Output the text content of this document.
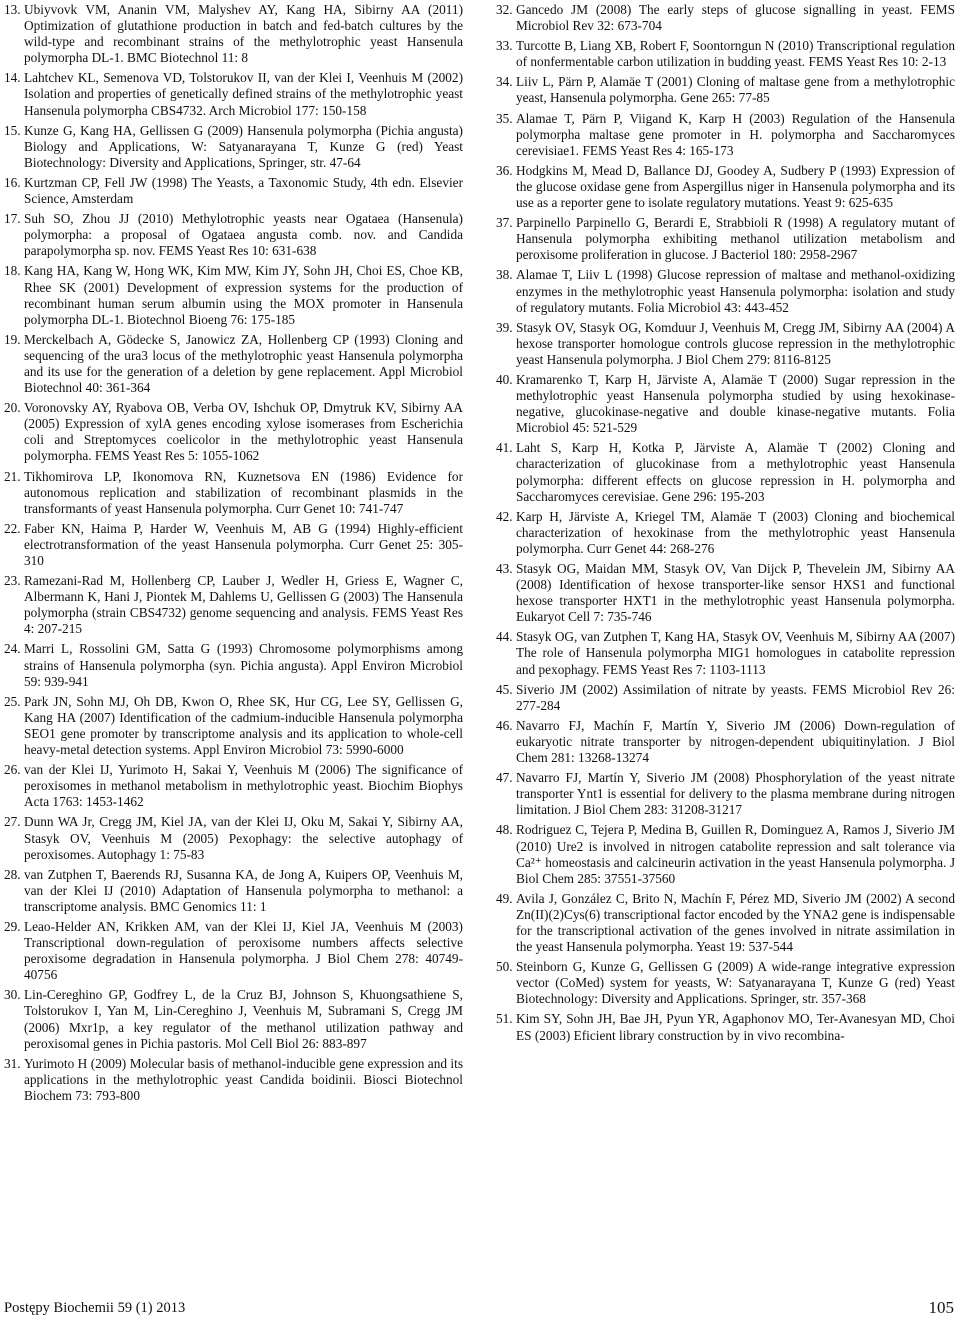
13. Ubiyvovk VM, Ananin VM, Malyshev AY, Kang HA, Sibirny AA (2011) Optimization of glutathione production in batch and fed-batch cultures by the wild-type and recombinant strains of the methylotrophic yeast Hansenula polymorpha DL-1. BMC Biotechnol 11: 8
14. Lahtchev KL, Semenova VD, Tolstorukov II, van der Klei I, Veenhuis M (2002) Isolation and properties of genetically defined strains of the methylotrophic yeast Hansenula polymorpha CBS4732. Arch Microbiol 177: 150-158
15. Kunze G, Kang HA, Gellissen G (2009) Hansenula polymorpha (Pichia angusta) Biology and Applications, W: Satyanarayana T, Kunze G (red) Yeast Biotechnology: Diversity and Applications, Springer, str. 47-64
16. Kurtzman CP, Fell JW (1998) The Yeasts, a Taxonomic Study, 4th edn. Elsevier Science, Amsterdam
17. Suh SO, Zhou JJ (2010) Methylotrophic yeasts near Ogataea (Hansenula) polymorpha: a proposal of Ogataea angusta comb. nov. and Candida parapolymorpha sp. nov. FEMS Yeast Res 10: 631-638
18. Kang HA, Kang W, Hong WK, Kim MW, Kim JY, Sohn JH, Choi ES, Choe KB, Rhee SK (2001) Development of expression systems for the production of recombinant human serum albumin using the MOX promoter in Hansenula polymorpha DL-1. Biotechnol Bioeng 76: 175-185
19. Merckelbach A, Gödecke S, Janowicz ZA, Hollenberg CP (1993) Cloning and sequencing of the ura3 locus of the methylotrophic yeast Hansenula polymorpha and its use for the generation of a deletion by gene replacement. Appl Microbiol Biotechnol 40: 361-364
20. Voronovsky AY, Ryabova OB, Verba OV, Ishchuk OP, Dmytruk KV, Sibirny AA (2005) Expression of xylA genes encoding xylose isomerases from Escherichia coli and Streptomyces coelicolor in the methylotrophic yeast Hansenula polymorpha. FEMS Yeast Res 5: 1055-1062
21. Tikhomirova LP, Ikonomova RN, Kuznetsova EN (1986) Evidence for autonomous replication and stabilization of recombinant plasmids in the transformants of yeast Hansenula polymorpha. Curr Genet 10: 741-747
22. Faber KN, Haima P, Harder W, Veenhuis M, AB G (1994) Highly-efficient electrotransformation of the yeast Hansenula polymorpha. Curr Genet 25: 305-310
23. Ramezani-Rad M, Hollenberg CP, Lauber J, Wedler H, Griess E, Wagner C, Albermann K, Hani J, Piontek M, Dahlems U, Gellissen G (2003) The Hansenula polymorpha (strain CBS4732) genome sequencing and analysis. FEMS Yeast Res 4: 207-215
24. Marri L, Rossolini GM, Satta G (1993) Chromosome polymorphisms among strains of Hansenula polymorpha (syn. Pichia angusta). Appl Environ Microbiol 59: 939-941
25. Park JN, Sohn MJ, Oh DB, Kwon O, Rhee SK, Hur CG, Lee SY, Gellissen G, Kang HA (2007) Identification of the cadmium-inducible Hansenula polymorpha SEO1 gene promoter by transcriptome analysis and its application to whole-cell heavy-metal detection systems. Appl Environ Microbiol 73: 5990-6000
26. van der Klei IJ, Yurimoto H, Sakai Y, Veenhuis M (2006) The significance of peroxisomes in methanol metabolism in methylotrophic yeast. Biochim Biophys Acta 1763: 1453-1462
27. Dunn WA Jr, Cregg JM, Kiel JA, van der Klei IJ, Oku M, Sakai Y, Sibirny AA, Stasyk OV, Veenhuis M (2005) Pexophagy: the selective autophagy of peroxisomes. Autophagy 1: 75-83
28. van Zutphen T, Baerends RJ, Susanna KA, de Jong A, Kuipers OP, Veenhuis M, van der Klei IJ (2010) Adaptation of Hansenula polymorpha to methanol: a transcriptome analysis. BMC Genomics 11: 1
29. Leao-Helder AN, Krikken AM, van der Klei IJ, Kiel JA, Veenhuis M (2003) Transcriptional down-regulation of peroxisome numbers affects selective peroxisome degradation in Hansenula polymorpha. J Biol Chem 278: 40749-40756
30. Lin-Cereghino GP, Godfrey L, de la Cruz BJ, Johnson S, Khuongsathiene S, Tolstorukov I, Yan M, Lin-Cereghino J, Veenhuis M, Subramani S, Cregg JM (2006) Mxr1p, a key regulator of the methanol utilization pathway and peroxisomal genes in Pichia pastoris. Mol Cell Biol 26: 883-897
31. Yurimoto H (2009) Molecular basis of methanol-inducible gene expression and its applications in the methylotrophic yeast Candida boidinii. Biosci Biotechnol Biochem 73: 793-800
32. Gancedo JM (2008) The early steps of glucose signalling in yeast. FEMS Microbiol Rev 32: 673-704
33. Turcotte B, Liang XB, Robert F, Soontorngun N (2010) Transcriptional regulation of nonfermentable carbon utilization in budding yeast. FEMS Yeast Res 10: 2-13
34. Liiv L, Pärn P, Alamäe T (2001) Cloning of maltase gene from a methylotrophic yeast, Hansenula polymorpha. Gene 265: 77-85
35. Alamae T, Pärn P, Viigand K, Karp H (2003) Regulation of the Hansenula polymorpha maltase gene promoter in H. polymorpha and Saccharomyces cerevisiae1. FEMS Yeast Res 4: 165-173
36. Hodgkins M, Mead D, Ballance DJ, Goodey A, Sudbery P (1993) Expression of the glucose oxidase gene from Aspergillus niger in Hansenula polymorpha and its use as a reporter gene to isolate regulatory mutations. Yeast 9: 625-635
37. Parpinello Parpinello G, Berardi E, Strabbioli R (1998) A regulatory mutant of Hansenula polymorpha exhibiting methanol utilization metabolism and peroxisome proliferation in glucose. J Bacteriol 180: 2958-2967
38. Alamae T, Liiv L (1998) Glucose repression of maltase and methanol-oxidizing enzymes in the methylotrophic yeast Hansenula polymorpha: isolation and study of regulatory mutants. Folia Microbiol 43: 443-452
39. Stasyk OV, Stasyk OG, Komduur J, Veenhuis M, Cregg JM, Sibirny AA (2004) A hexose transporter homologue controls glucose repression in the methylotrophic yeast Hansenula polymorpha. J Biol Chem 279: 8116-8125
40. Kramarenko T, Karp H, Järviste A, Alamäe T (2000) Sugar repression in the methylotrophic yeast Hansenula polymorpha studied by using hexokinase-negative, glucokinase-negative and double kinase-negative mutants. Folia Microbiol 45: 521-529
41. Laht S, Karp H, Kotka P, Järviste A, Alamäe T (2002) Cloning and characterization of glucokinase from a methylotrophic yeast Hansenula polymorpha: different effects on glucose repression in H. polymorpha and Saccharomyces cerevisiae. Gene 296: 195-203
42. Karp H, Järviste A, Kriegel TM, Alamäe T (2003) Cloning and biochemical characterization of hexokinase from the methylotrophic yeast Hansenula polymorpha. Curr Genet 44: 268-276
43. Stasyk OG, Maidan MM, Stasyk OV, Van Dijck P, Thevelein JM, Sibirny AA (2008) Identification of hexose transporter-like sensor HXS1 and functional hexose transporter HXT1 in the methylotrophic yeast Hansenula polymorpha. Eukaryot Cell 7: 735-746
44. Stasyk OG, van Zutphen T, Kang HA, Stasyk OV, Veenhuis M, Sibirny AA (2007) The role of Hansenula polymorpha MIG1 homologues in catabolite repression and pexophagy. FEMS Yeast Res 7: 1103-1113
45. Siverio JM (2002) Assimilation of nitrate by yeasts. FEMS Microbiol Rev 26: 277-284
46. Navarro FJ, Machín F, Martín Y, Siverio JM (2006) Down-regulation of eukaryotic nitrate transporter by nitrogen-dependent ubiquitinylation. J Biol Chem 281: 13268-13274
47. Navarro FJ, Martín Y, Siverio JM (2008) Phosphorylation of the yeast nitrate transporter Ynt1 is essential for delivery to the plasma membrane during nitrogen limitation. J Biol Chem 283: 31208-31217
48. Rodriguez C, Tejera P, Medina B, Guillen R, Dominguez A, Ramos J, Siverio JM (2010) Ure2 is involved in nitrogen catabolite repression and salt tolerance via Ca²⁺ homeostasis and calcineurin activation in the yeast Hansenula polymorpha. J Biol Chem 285: 37551-37560
49. Avila J, González C, Brito N, Machín F, Pérez MD, Siverio JM (2002) A second Zn(II)(2)Cys(6) transcriptional factor encoded by the YNA2 gene is indispensable for the transcriptional activation of the genes involved in nitrate assimilation in the yeast Hansenula polymorpha. Yeast 19: 537-544
50. Steinborn G, Kunze G, Gellissen G (2009) A wide-range integrative expression vector (CoMed) system for yeasts, W: Satyanarayana T, Kunze G (red) Yeast Biotechnology: Diversity and Applications. Springer, str. 357-368
51. Kim SY, Sohn JH, Bae JH, Pyun YR, Agaphonov MO, Ter-Avanesyan MD, Choi ES (2003) Eficient library construction by in vivo recombina-
Postępy Biochemii 59 (1) 2013	105
